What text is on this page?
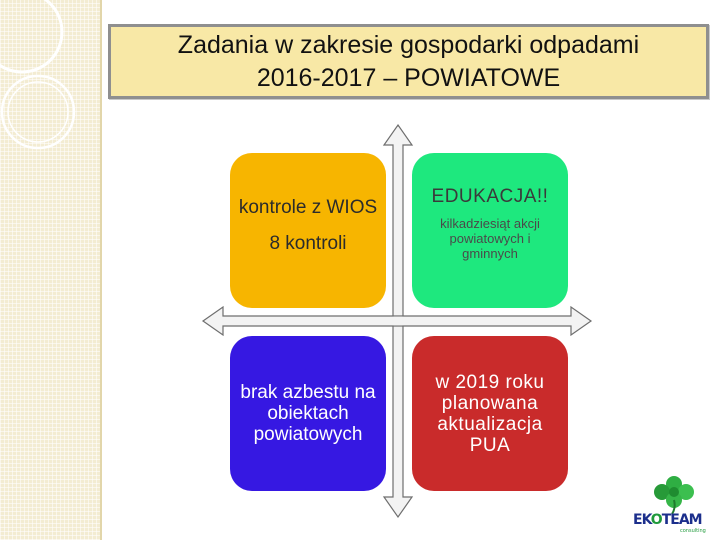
Zadania w zakresie gospodarki odpadami
2016-2017 – POWIATOWE
kontrole z WIOS
8 kontroli
EDUKACJA!!
kilkadziesiąt akcji powiatowych i gminnych
brak azbestu na obiektach powiatowych
w 2019 roku planowana aktualizacja PUA
EKOTEAM
consulting
